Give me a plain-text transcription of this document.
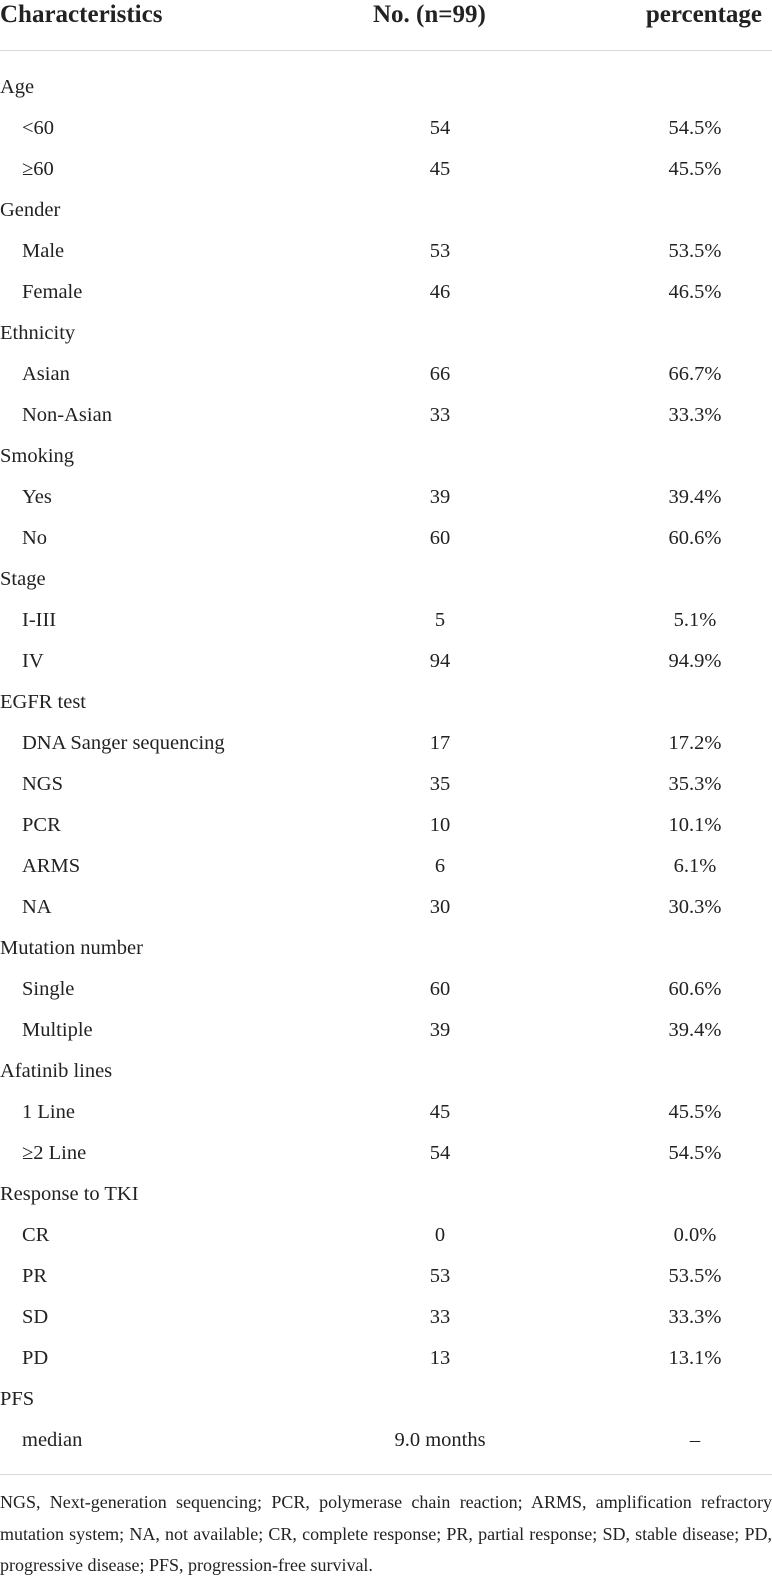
Characteristics	No. (n=99)	percentage
Age
<60	54	54.5%
≥60	45	45.5%
Gender
Male	53	53.5%
Female	46	46.5%
Ethnicity
Asian	66	66.7%
Non-Asian	33	33.3%
Smoking
Yes	39	39.4%
No	60	60.6%
Stage
I-III	5	5.1%
IV	94	94.9%
EGFR test
DNA Sanger sequencing	17	17.2%
NGS	35	35.3%
PCR	10	10.1%
ARMS	6	6.1%
NA	30	30.3%
Mutation number
Single	60	60.6%
Multiple	39	39.4%
Afatinib lines
1 Line	45	45.5%
≥2 Line	54	54.5%
Response to TKI
CR	0	0.0%
PR	53	53.5%
SD	33	33.3%
PD	13	13.1%
PFS
median	9.0 months	–
NGS, Next-generation sequencing; PCR, polymerase chain reaction; ARMS, amplification refractory mutation system; NA, not available; CR, complete response; PR, partial response; SD, stable disease; PD, progressive disease; PFS, progression-free survival.
